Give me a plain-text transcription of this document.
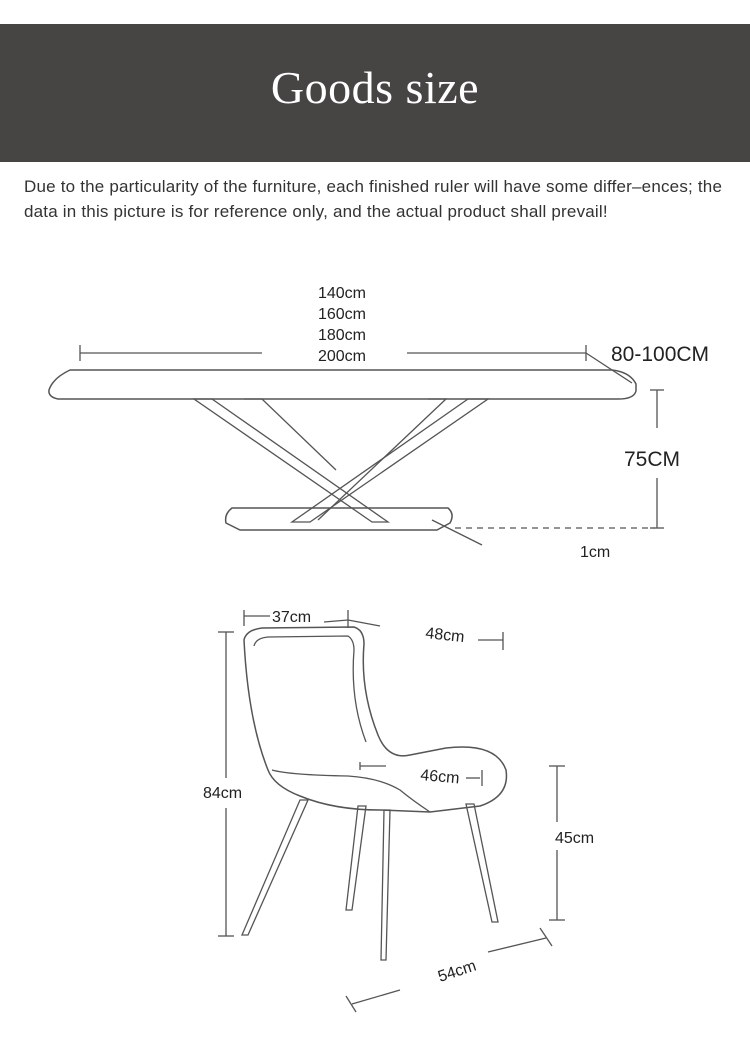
Goods size
Due to the particularity of the furniture, each finished ruler will have some differ–ences; the data in this picture is for reference only, and the actual product shall prevail!
140cm
160cm
180cm
200cm	80-100CM
75CM
1cm
37cm
48cm
46cm
84cm
45cm
54cm
